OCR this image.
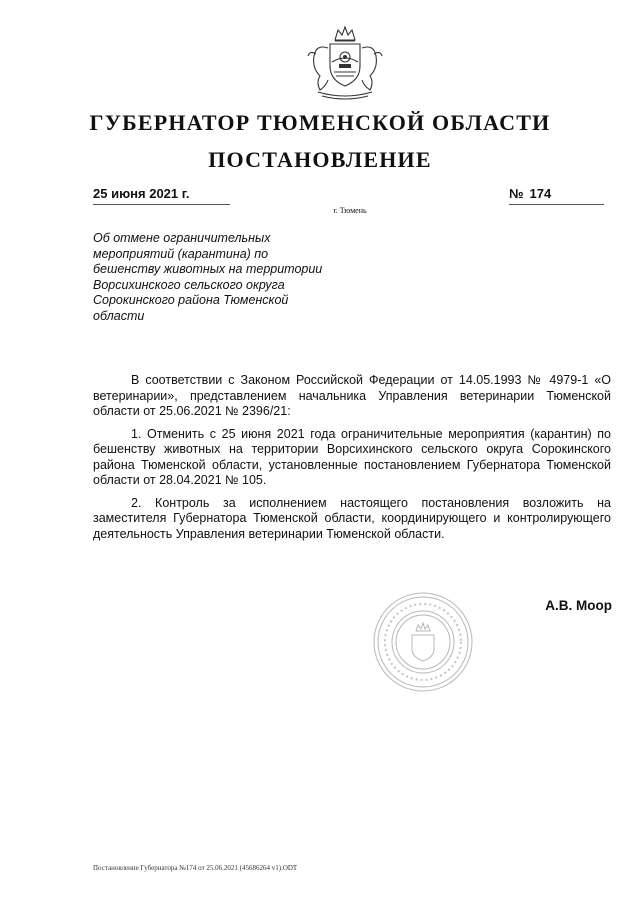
ГУБЕРНАТОР ТЮМЕНСКОЙ ОБЛАСТИ
ПОСТАНОВЛЕНИЕ
25 июня 2021 г.	№ 174
г. Тюмень
Об отмене ограничительных мероприятий (карантина) по бешенству животных на территории Ворсихинского сельского округа Сорокинского района Тюменской области

В соответствии с Законом Российской Федерации от 14.05.1993 № 4979-1 «О ветеринарии», представлением начальника Управления ветеринарии Тюменской области от 25.06.2021 № 2396/21:

1. Отменить с 25 июня 2021 года ограничительные мероприятия (карантин) по бешенству животных на территории Ворсихинского сельского округа Сорокинского района Тюменской области, установленные постановлением Губернатора Тюменской области от 28.04.2021 № 105.

2. Контроль за исполнением настоящего постановления возложить на заместителя Губернатора Тюменской области, координирующего и контролирующего деятельность Управления ветеринарии Тюменской области.

А.В. Моор
Постановление Губернатора №174 от 25.06.2021 (45686264 v1).ODT
